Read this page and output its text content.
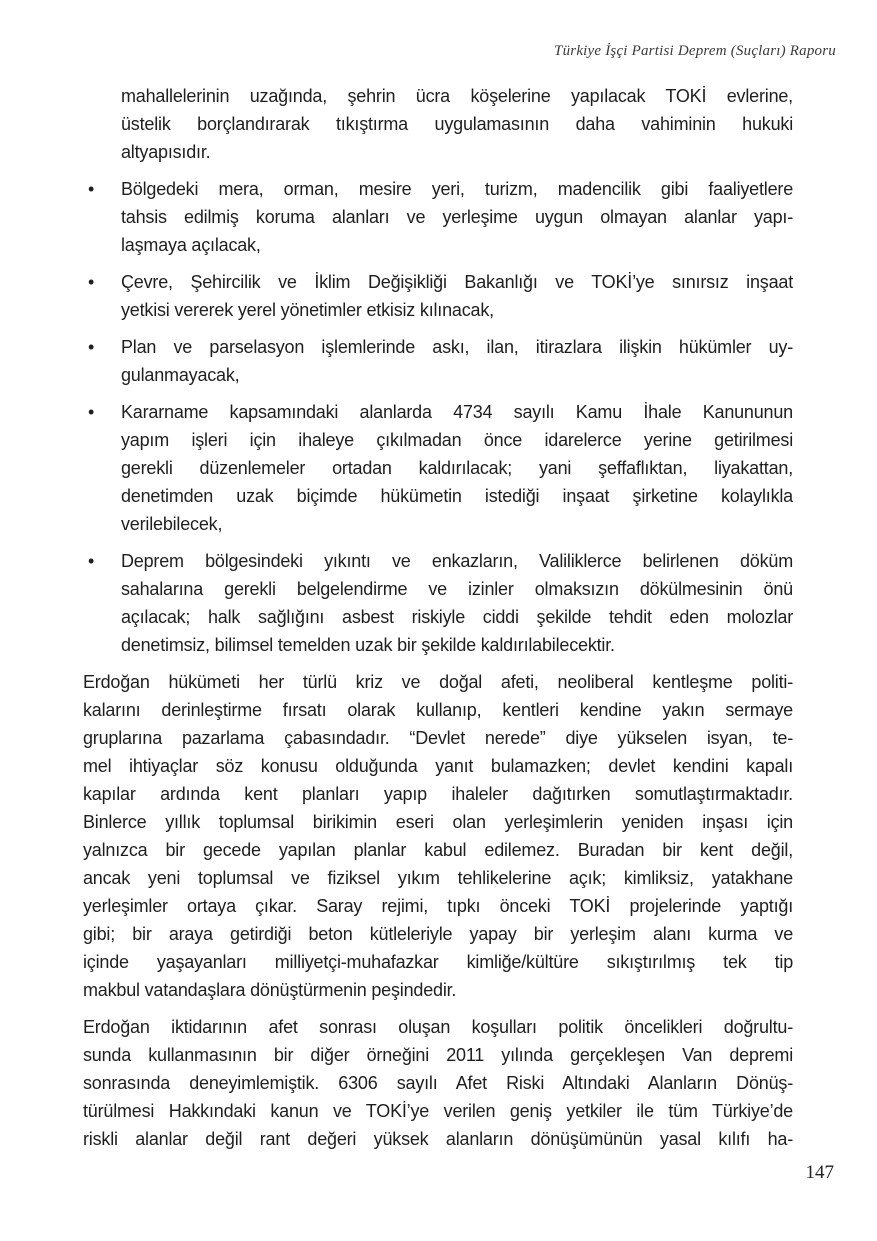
Türkiye İşçi Partisi Deprem (Suçları) Raporu
mahallelerinin uzağında, şehrin ücra köşelerine yapılacak TOKİ evlerine,
üstelik borçlandırarak tıkıştırma uygulamasının daha vahiminin hukuki
altyapısıdır.
• Bölgedeki mera, orman, mesire yeri, turizm, madencilik gibi faaliyetlere
tahsis edilmiş koruma alanları ve yerleşime uygun olmayan alanlar yapı-
laşmaya açılacak,
• Çevre, Şehircilik ve İklim Değişikliği Bakanlığı ve TOKİ’ye sınırsız inşaat
yetkisi vererek yerel yönetimler etkisiz kılınacak,
• Plan ve parselasyon işlemlerinde askı, ilan, itirazlara ilişkin hükümler uy-
gulanmayacak,
• Kararname kapsamındaki alanlarda 4734 sayılı Kamu İhale Kanununun
yapım işleri için ihaleye çıkılmadan önce idarelerce yerine getirilmesi
gerekli düzenlemeler ortadan kaldırılacak; yani şeffaflıktan, liyakattan,
denetimden uzak biçimde hükümetin istediği inşaat şirketine kolaylıkla
verilebilecek,
• Deprem bölgesindeki yıkıntı ve enkazların, Valiliklerce belirlenen döküm
sahalarına gerekli belgelendirme ve izinler olmaksızın dökülmesinin önü
açılacak; halk sağlığını asbest riskiyle ciddi şekilde tehdit eden molozlar
denetimsiz, bilimsel temelden uzak bir şekilde kaldırılabilecektir.
Erdoğan hükümeti her türlü kriz ve doğal afeti, neoliberal kentleşme politi-
kalarını derinleştirme fırsatı olarak kullanıp, kentleri kendine yakın sermaye
gruplarına pazarlama çabasındadır. “Devlet nerede” diye yükselen isyan, te-
mel ihtiyaçlar söz konusu olduğunda yanıt bulamazken; devlet kendini kapalı
kapılar ardında kent planları yapıp ihaleler dağıtırken somutlaştırmaktadır.
Binlerce yıllık toplumsal birikimin eseri olan yerleşimlerin yeniden inşası için
yalnızca bir gecede yapılan planlar kabul edilemez. Buradan bir kent değil,
ancak yeni toplumsal ve fiziksel yıkım tehlikelerine açık; kimliksiz, yatakhane
yerleşimler ortaya çıkar. Saray rejimi, tıpkı önceki TOKİ projelerinde yaptığı
gibi; bir araya getirdiği beton kütleleriyle yapay bir yerleşim alanı kurma ve
içinde yaşayanları milliyetçi-muhafazkar kimliğe/kültüre sıkıştırılmış tek tip
makbul vatandaşlara dönüştürmenin peşindedir.
Erdoğan iktidarının afet sonrası oluşan koşulları politik öncelikleri doğrultu-
sunda kullanmasının bir diğer örneğini 2011 yılında gerçekleşen Van depremi
sonrasında deneyimlemiştik. 6306 sayılı Afet Riski Altındaki Alanların Dönüş-
türülmesi Hakkındaki kanun ve TOKİ’ye verilen geniş yetkiler ile tüm Türkiye’de
riskli alanlar değil rant değeri yüksek alanların dönüşümünün yasal kılıfı ha-
147
